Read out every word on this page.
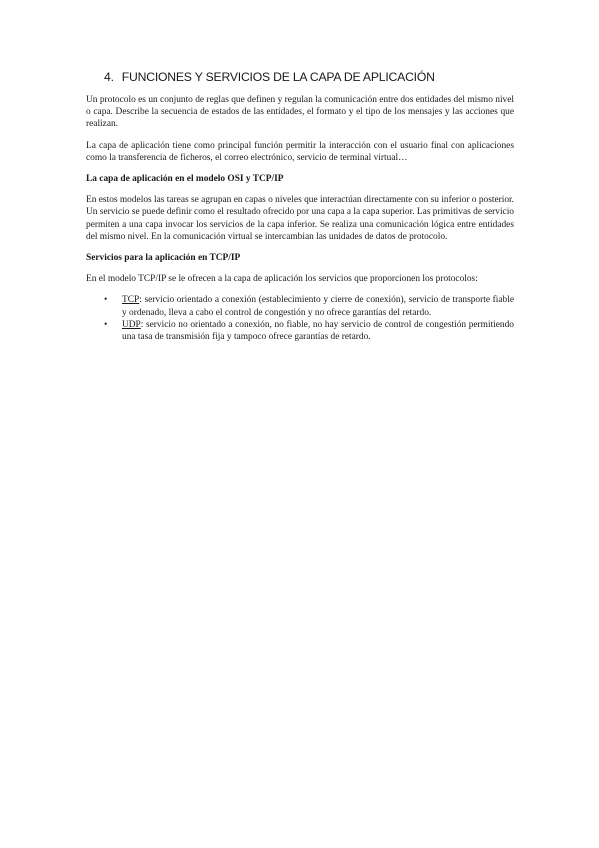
4. FUNCIONES Y SERVICIOS DE LA CAPA DE APLICACIÓN

Un protocolo es un conjunto de reglas que definen y regulan la comunicación entre dos entidades del mismo nivel o capa. Describe la secuencia de estados de las entidades, el formato y el tipo de los mensajes y las acciones que realizan.

La capa de aplicación tiene como principal función permitir la interacción con el usuario final con aplicaciones como la transferencia de ficheros, el correo electrónico, servicio de terminal virtual…

La capa de aplicación en el modelo OSI y TCP/IP

En estos modelos las tareas se agrupan en capas o niveles que interactúan directamente con su inferior o posterior. Un servicio se puede definir como el resultado ofrecido por una capa a la capa superior. Las primitivas de servicio permiten a una capa invocar los servicios de la capa inferior. Se realiza una comunicación lógica entre entidades del mismo nivel. En la comunicación virtual se intercambian las unidades de datos de protocolo.

Servicios para la aplicación en TCP/IP

En el modelo TCP/IP se le ofrecen a la capa de aplicación los servicios que proporcionen los protocolos:

• TCP: servicio orientado a conexión (establecimiento y cierre de conexión), servicio de transporte fiable y ordenado, lleva a cabo el control de congestión y no ofrece garantías del retardo.
• UDP: servicio no orientado a conexión, no fiable, no hay servicio de control de congestión permitiendo una tasa de transmisión fija y tampoco ofrece garantías de retardo.
